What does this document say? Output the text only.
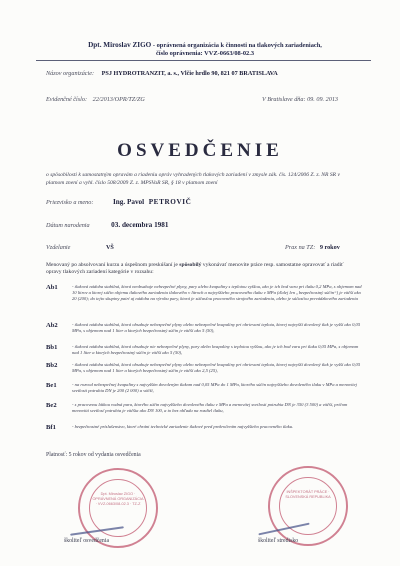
Dpt. Miroslav ZIGO - oprávnená organizácia k činnosti na tlakových zariadeniach,
číslo oprávnenia: VVZ-0663/08-02.3
Názov organizácie: PSJ HYDROTRANZIT, a. s., Vlčie hrdlo 90, 821 07 BRATISLAVA
Evidenčné číslo: 22/2013/OPR/TZ/ZG	V Bratislave dňa: 09. 09. 2013
OSVEDČENIE
o spôsobilosti k samostatným opravám a riadeniu opráv vyhradených tlakových zariadení v zmysle zák. čís. 124/2006 Z. z. NR SR v platnom znení a vyhl. číslo 508/2009 Z. z. MPSVaR SR, § 18 v platnom znení
Priezvisko a meno:	Ing. Pavol PETROVIČ
Dátum narodenia	03. decembra 1981
Vzdelanie	VŠ	Prax na TZ: 9 rokov
Menovaný po absolvovaní kurzu a úspešnom preskúšaní je spôsobilý vykonávať menovite práce resp. samostatne opravovať a riadiť opravy tlakových zariadení kategórie v rozsahu:
Ab1	- tlaková nádoba stabilná, ktorá neobsahuje nebezpečné plyny, pary alebo kvapaliny s teplotou vyššou, ako je ich bod varu pri tlaku 0,2 MPa, s objemom nad 10 litrov a ktorej súčin objemu tlakového zariadenia tlakového v litroch a najvyššieho pracovného tlaku v MPa (ďalej len „bezpečnostný súčin“) je väčší ako 20 (200); do tejto skupiny patrí aj nádoba na výrobu pary, ktorá je súčasťou pracovného strojného zariadenia, alebo je súčasťou prevádzkového zariadenia
Ab2	- tlaková nádoba stabilná, ktorá obsahuje nebezpečné plyny alebo nebezpečné kvapaliny pri ohrievaní teplota, ktorej najvyšší dovolený tlak je vyšší ako 0,05 MPa, s objemom nad 1 liter a ktorých bezpečnostný súčin je väčší ako 5 (50),
Bb1	- tlaková nádoba stabilná, ktorá obsahuje nie nebezpečné plyny, pary alebo kvapaliny s teplotou vyššou, ako je ich bod varu pri tlaku 0,05 MPa, s objemom nad 1 liter a ktorých bezpečnostný súčin je väčší ako 5 (50),
Bb2	- tlaková nádoba stabilná, ktorá obsahuje nebezpečné plyny alebo nebezpečné kvapaliny pri ohrievaní teplota, ktorej najvyšší dovolený tlak je vyšší ako 0,05 MPa, s objemom nad 1 liter a ktorých bezpečnostný súčin je väčší ako 2,5 (25),
Be1	- na rozvod nebezpečnej kvapaliny s najvyšším dovoleným tlakom nad 0,05 MPa do 1 MPa, ktorého súčin najvyššieho dovoleného tlaku v MPa a menovitej svetlosti potrubia DN je 200 (2 000) a väčší,
Be2	- s pracovnou látkou vodná para, ktorého súčin najvyššieho dovoleného tlaku v MPa a menovitej svetlosti potrubia DN je 350 (3 500) a väčší, pričom menovitá svetlosť potrubia je väčšia ako DN 100, a to bez ohľadu na rozdiel tlaku,
Bf1	- bezpečnostné príslušenstvo, ktoré chráni technické zariadenie tlakové pred prekročením najvyššieho pracovného tlaku.
Platnosť: 5 rokov od vydania osvedčenia
Dpt. Miroslav ZIGO · OPRÁVNENÁ ORGANIZÁCIA · VVZ-0663/08-02.3 · TZ-Z
školiteľ osvedčenia
INŠPEKTORÁT PRÁCE · SLOVENSKÁ REPUBLIKA
školiteľ stredisko
